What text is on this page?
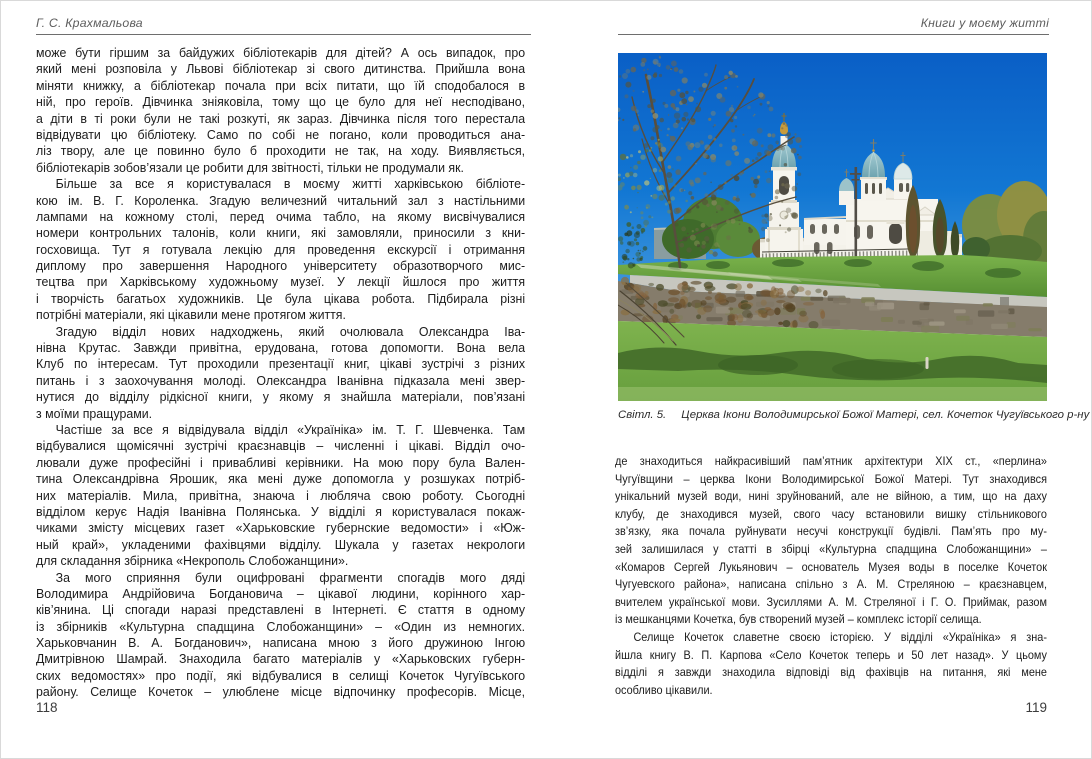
Г. С. Крахмальова
може бути гіршим за байдужих бібліотекарів для дітей? А ось випадок, про
який мені розповіла у Львові бібліотекар зі свого дитинства. Прийшла вона
міняти книжку, а бібліотекар почала при всіх питати, що їй сподобалося в
ній, про героїв. Дівчинка зніяковіла, тому що це було для неї несподівано,
а діти в ті роки були не такі розкуті, як зараз. Дівчинка після того перестала
відвідувати цю бібліотеку. Само по собі не погано, коли проводиться ана-
ліз твору, але це повинно було б проходити не так, на ходу. Виявляється,
бібліотекарів зобов’язали це робити для звітності, тільки не продумали як.
Більше за все я користувалася в моєму житті харківською бібліоте-
кою ім. В. Г. Короленка. Згадую величезний читальний зал з настільними
лампами на кожному столі, перед очима табло, на якому висвічувалися
номери контрольних талонів, коли книги, які замовляли, приносили з кни-
госховища. Тут я готувала лекцію для проведення екскурсії і отримання
диплому про завершення Народного університету образотворчого мис-
тецтва при Харківському художньому музеї. У лекції йшлося про життя
і творчість багатьох художників. Це була цікава робота. Підбирала різні
потрібні матеріали, які цікавили мене протягом життя.
Згадую відділ нових надходжень, який очолювала Олександра Іва-
нівна Крутас. Завжди привітна, ерудована, готова допомогти. Вона вела
Клуб по інтересам. Тут проходили презентації книг, цікаві зустрічі з різних
питань і з заохочування молоді. Олександра Іванівна підказала мені звер-
нутися до відділу рідкісної книги, у якому я знайшла матеріали, пов’язані
з моїми пращурами.
Частіше за все я відвідувала відділ «Україніка» ім. Т. Г. Шевченка. Там
відбувалися щомісячні зустрічі краєзнавців – численні і цікаві. Відділ очо-
лювали дуже професійні і привабливі керівники. На мою пору була Вален-
тина Олександрівна Ярошик, яка мені дуже допомогла у розшуках потріб-
них матеріалів. Мила, привітна, знаюча і любляча свою роботу. Сьогодні
відділом керує Надія Іванівна Полянська. У відділі я користувалася покаж-
чиками змісту місцевих газет «Харьковские губернские ведомости» і «Юж-
ный край», укладеними фахівцями відділу. Шукала у газетах некрологи
для складання збірника «Некрополь Слобожанщини».
За мого сприяння були оцифровані фрагменти спогадів мого дяді
Володимира Андрійовича Богдановича – цікавої людини, корінного хар-
ків’янина. Ці спогади наразі представлені в Інтернеті. Є стаття в одному
із збірників «Культурна спадщина Слобожанщини» – «Один из немногих.
Харьковчанин В. А. Богданович», написана мною з його дружиною Інгою
Дмитрівною Шамрай. Знаходила багато матеріалів у «Харьковских губерн-
ских ведомостях» про події, які відбувалися в селищі Кочеток Чугуївського
району. Селище Кочеток – улюблене місце відпочинку професорів. Місце,
118
Книги у моєму житті
Світл. 5. Церква Ікони Володимирської Божої Матері, сел. Кочеток Чугуївського р-ну
де знаходиться найкрасивіший пам’ятник архітектури XIX ст., «перлина»
Чугуївщини – церква Ікони Володимирської Божої Матері. Тут знаходився
унікальний музей води, нині зруйнований, але не війною, а тим, що на даху
клубу, де знаходився музей, свого часу встановили вишку стільникового
зв’язку, яка почала руйнувати несучі конструкції будівлі. Пам’ять про му-
зей залишилася у статті в збірці «Культурна спадщина Слобожанщини» –
«Комаров Сергей Лукьянович – основатель Музея воды в поселке Кочеток
Чугуевского района», написана спільно з А. М. Стреляною – краєзнавцем,
вчителем української мови. Зусиллями А. М. Стреляної і Г. О. Приймак, разом
із мешканцями Кочетка, був створений музей – комплекс історії селища.
Селище Кочеток славетне своєю історією. У відділі «Україніка» я зна-
йшла книгу В. П. Карпова «Село Кочеток теперь и 50 лет назад». У цьому
відділі я завжди знаходила відповіді від фахівців на питання, які мене
особливо цікавили.
119
